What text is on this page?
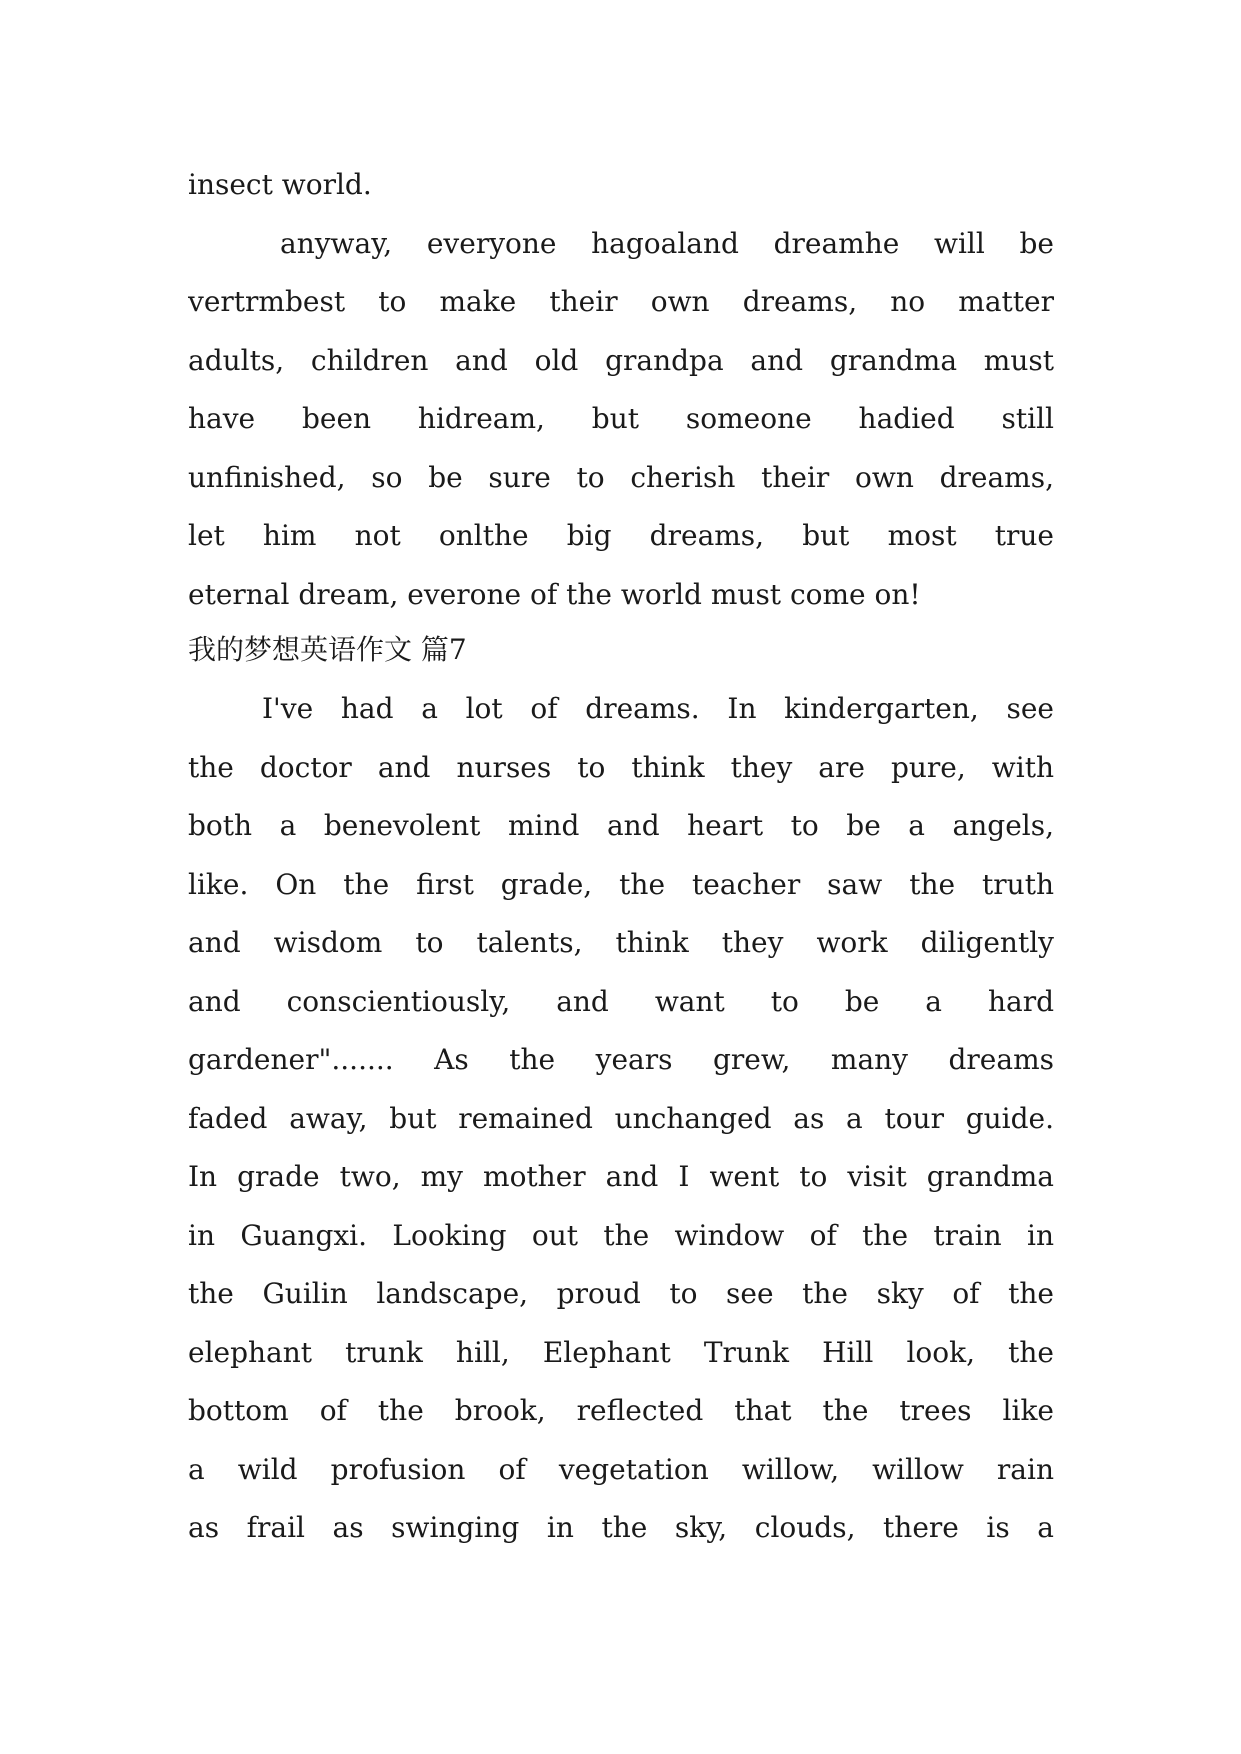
insect world.
anyway, everyone hagoaland dreamhe will be
vertrmbest to make their own dreams, no matter
adults, children and old grandpa and grandma must
have been hidream, but someone hadied still
unfinished, so be sure to cherish their own dreams,
let him not onlthe big dreams, but most true
eternal dream, everone of the world must come on!
我的梦想英语作文 篇7
I've had a lot of dreams. In kindergarten, see
the doctor and nurses to think they are pure, with
both a benevolent mind and heart to be a angels,
like. On the first grade, the teacher saw the truth
and wisdom to talents, think they work diligently
and conscientiously, and want to be a hard
gardener"....... As the years grew, many dreams
faded away, but remained unchanged as a tour guide.
In grade two, my mother and I went to visit grandma
in Guangxi. Looking out the window of the train in
the Guilin landscape, proud to see the sky of the
elephant trunk hill, Elephant Trunk Hill look, the
bottom of the brook, reflected that the trees like
a wild profusion of vegetation willow, willow rain
as frail as swinging in the sky, clouds, there is a
